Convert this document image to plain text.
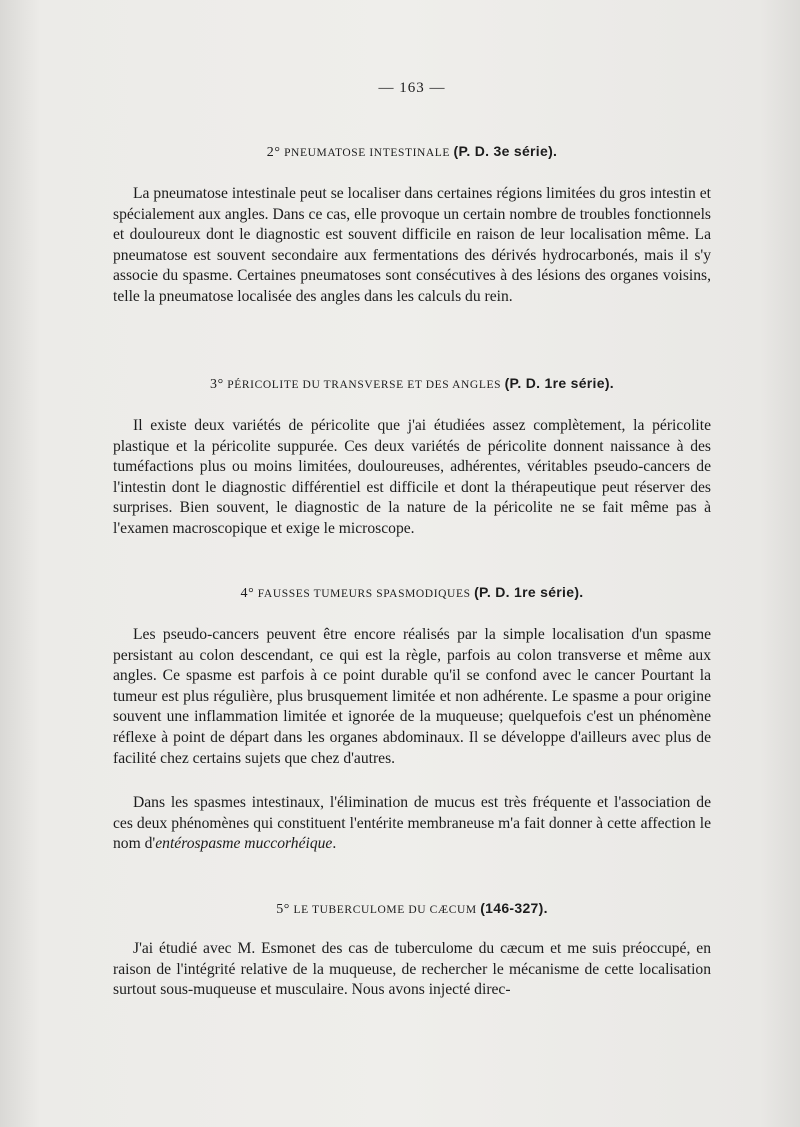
— 163 —
2° PNEUMATOSE INTESTINALE (P. D. 3e série).

La pneumatose intestinale peut se localiser dans certaines régions limitées du gros intestin et spécialement aux angles. Dans ce cas, elle provoque un certain nombre de troubles fonctionnels et douloureux dont le diagnostic est souvent difficile en raison de leur localisation même. La pneumatose est souvent secondaire aux fermentations des dérivés hydrocarbonés, mais il s'y associe du spasme. Certaines pneumatoses sont consécutives à des lésions des organes voisins, telle la pneumatose localisée des angles dans les calculs du rein.

3° PÉRICOLITE DU TRANSVERSE ET DES ANGLES (P. D. 1re série).

Il existe deux variétés de péricolite que j'ai étudiées assez complètement, la péricolite plastique et la péricolite suppurée. Ces deux variétés de péricolite donnent naissance à des tuméfactions plus ou moins limitées, douloureuses, adhérentes, véritables pseudo-cancers de l'intestin dont le diagnostic différentiel est difficile et dont la thérapeutique peut réserver des surprises. Bien souvent, le diagnostic de la nature de la péricolite ne se fait même pas à l'examen macroscopique et exige le microscope.

4° FAUSSES TUMEURS SPASMODIQUES (P. D. 1re série).

Les pseudo-cancers peuvent être encore réalisés par la simple localisation d'un spasme persistant au colon descendant, ce qui est la règle, parfois au colon transverse et même aux angles. Ce spasme est parfois à ce point durable qu'il se confond avec le cancer Pourtant la tumeur est plus régulière, plus brusquement limitée et non adhérente. Le spasme a pour origine souvent une inflammation limitée et ignorée de la muqueuse; quelquefois c'est un phénomène réflexe à point de départ dans les organes abdominaux. Il se développe d'ailleurs avec plus de facilité chez certains sujets que chez d'autres.

Dans les spasmes intestinaux, l'élimination de mucus est très fréquente et l'association de ces deux phénomènes qui constituent l'entérite membraneuse m'a fait donner à cette affection le nom d'entérospasme muccorhéique.

5° LE TUBERCULOME DU CÆCUM (146-327).

J'ai étudié avec M. Esmonet des cas de tuberculome du cæcum et me suis préoccupé, en raison de l'intégrité relative de la muqueuse, de rechercher le mécanisme de cette localisation surtout sous-muqueuse et musculaire. Nous avons injecté direc-
